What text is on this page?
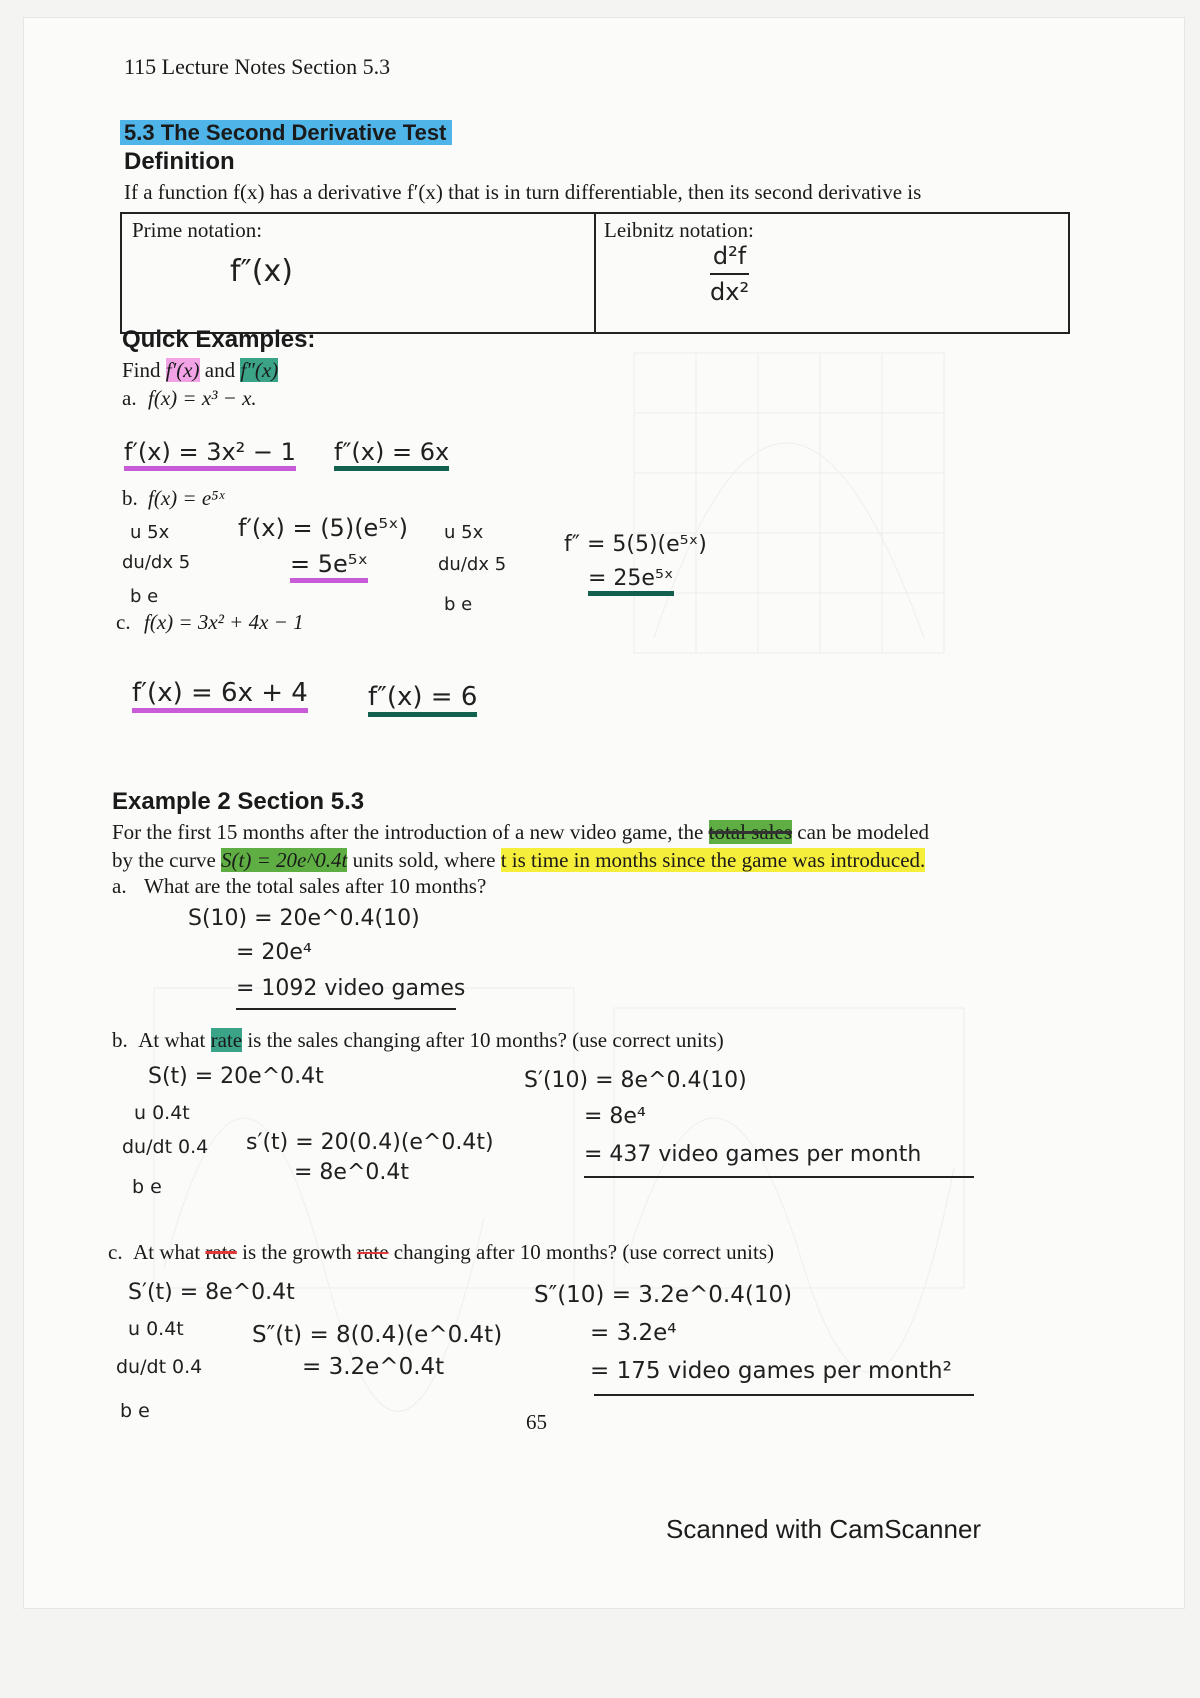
115 Lecture Notes Section 5.3
5.3 The Second Derivative Test
Definition
If a function f(x) has a derivative f′(x) that is in turn differentiable, then its second derivative is
Prime notation:	Leibnitz notation:
f″(x)	$\frac{\text{d²f}}{\text{dx²}}$
Quick Examples:
Find f′(x) and f″(x)
a. f(x) = x³ − x.
f′(x) = 3x² − 1 f″(x) = 6x
b. f(x) = e⁵ˣ
u 5x
du/dx 5
b e
f′(x) = (5)(e⁵ˣ)
= 5e⁵ˣ
u 5x
du/dx 5
b e
f″ = 5(5)(e⁵ˣ)
= 25e⁵ˣ
c. f(x) = 3x² + 4x − 1
f′(x) = 6x + 4 f″(x) = 6
Example 2 Section 5.3
For the first 15 months after the introduction of a new video game, the total sales can be modeled
by the curve S(t) = 20e^0.4t units sold, where t is time in months since the game was introduced.
a. What are the total sales after 10 months?
S(10) = 20e^0.4(10)
= 20e⁴
= 1092 video games
b. At what rate is the sales changing after 10 months? (use correct units)
S(t) = 20e^0.4t
u 0.4t
du/dt 0.4
b e
s′(t) = 20(0.4)(e^0.4t)
= 8e^0.4t
S′(10) = 8e^0.4(10)
= 8e⁴
= 437 video games per month
c. At what rate is the growth rate changing after 10 months? (use correct units)
S′(t) = 8e^0.4t
u 0.4t
du/dt 0.4
b e
S″(t) = 8(0.4)(e^0.4t)
= 3.2e^0.4t
S″(10) = 3.2e^0.4(10)
= 3.2e⁴
= 175 video games per month²
65
Scanned with CamScanner
